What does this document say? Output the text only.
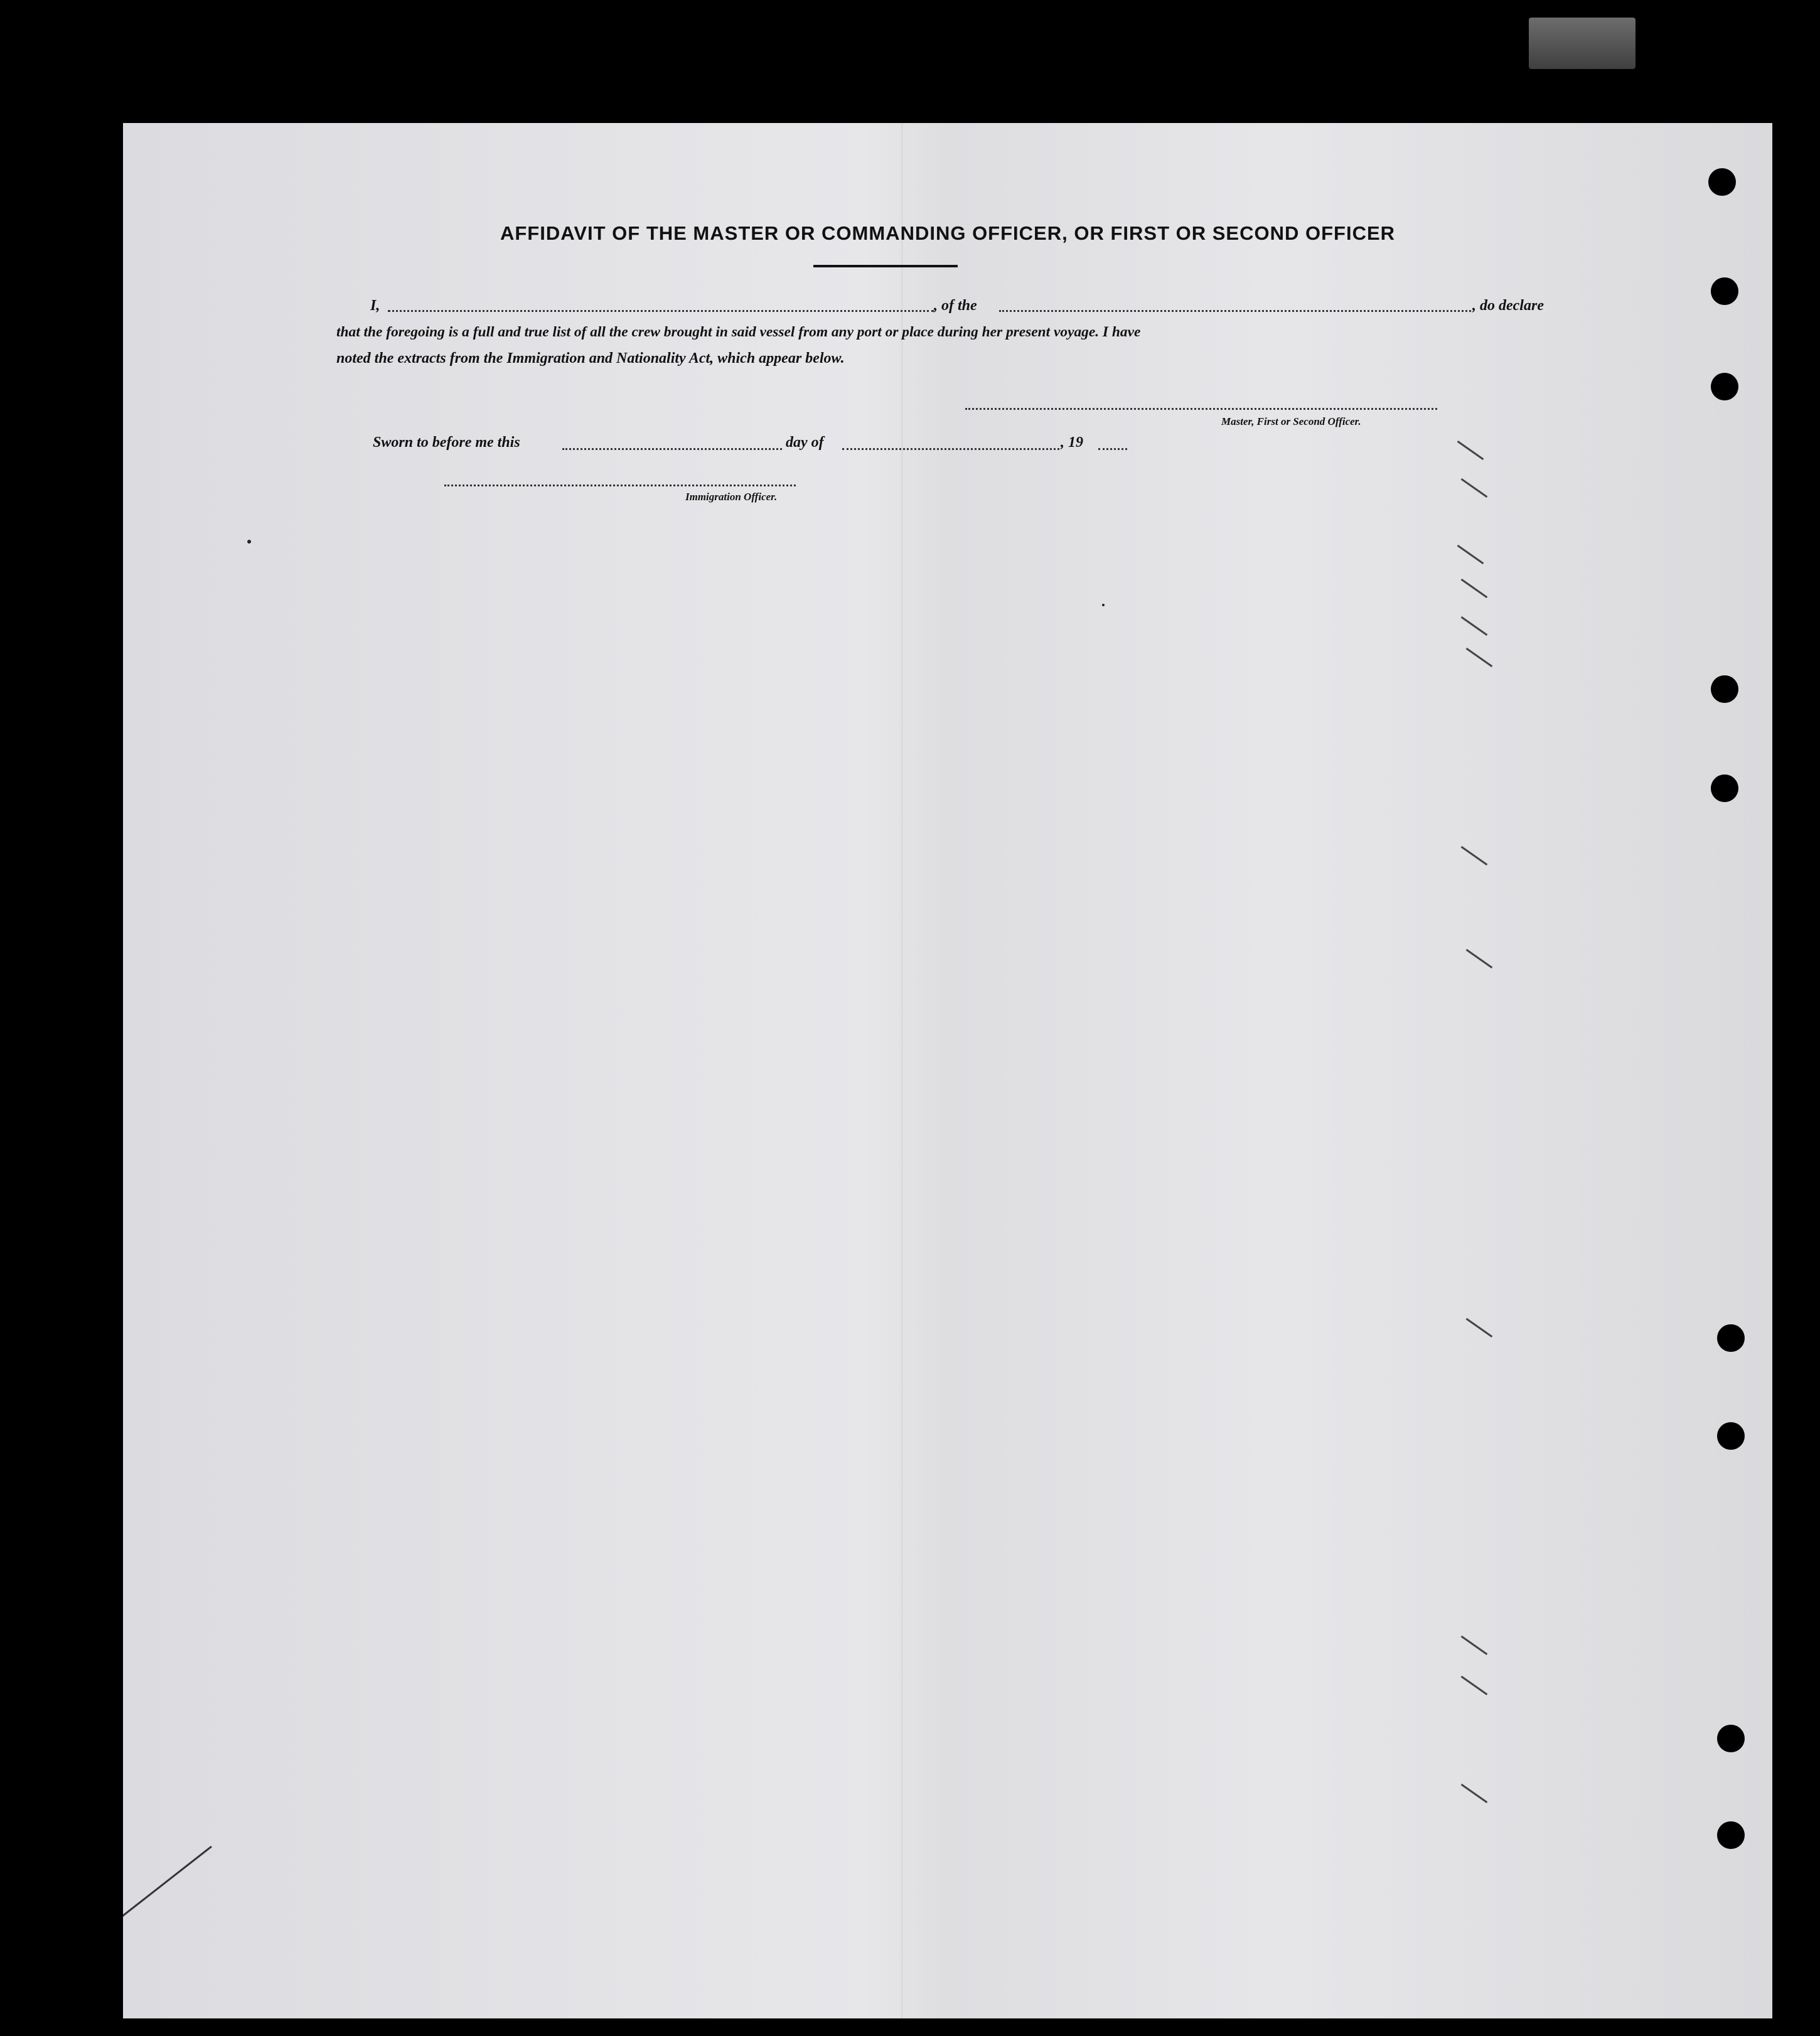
AFFIDAVIT OF THE MASTER OR COMMANDING OFFICER, OR FIRST OR SECOND OFFICER
I,	, of the	, do declare
that the foregoing is a full and true list of all the crew brought in said vessel from any port or place during her present voyage. I have
noted the extracts from the Immigration and Nationality Act, which appear below.
Master, First or Second Officer.
Sworn to before me this	day of	, 19
Immigration Officer.
